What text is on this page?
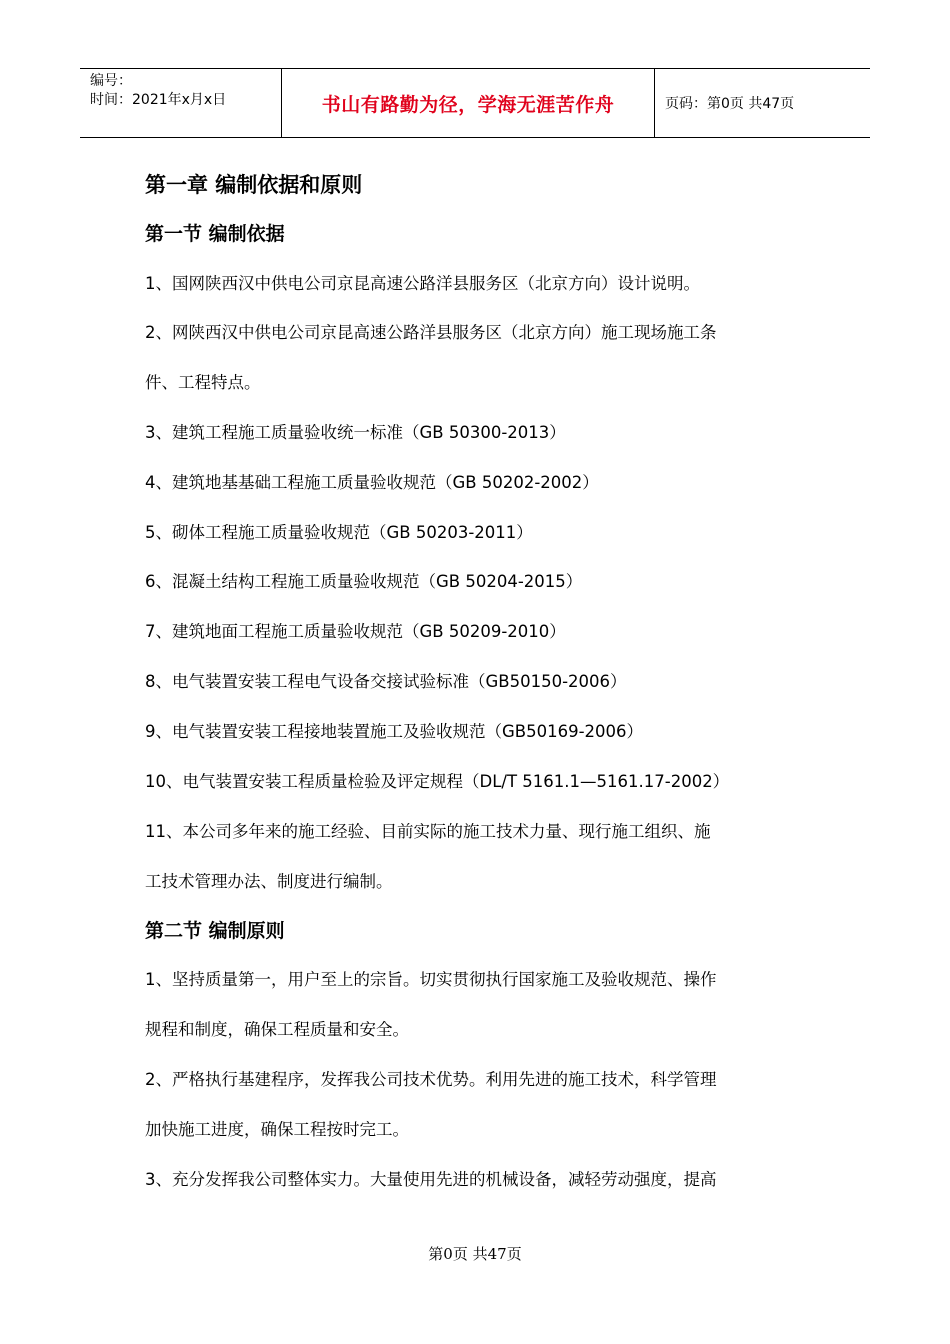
编号：
时间：2021年x月x日	书山有路勤为径，学海无涯苦作舟	页码：第0页 共47页
第一章 编制依据和原则
第一节 编制依据
1、国网陕西汉中供电公司京昆高速公路洋县服务区（北京方向）设计说明。
2、网陕西汉中供电公司京昆高速公路洋县服务区（北京方向）施工现场施工条
件、工程特点。
3、建筑工程施工质量验收统一标准（GB 50300-2013）
4、建筑地基基础工程施工质量验收规范（GB 50202-2002）
5、砌体工程施工质量验收规范（GB 50203-2011）
6、混凝土结构工程施工质量验收规范（GB 50204-2015）
7、建筑地面工程施工质量验收规范（GB 50209-2010）
8、电气装置安装工程电气设备交接试验标准（GB50150-2006）
9、电气装置安装工程接地装置施工及验收规范（GB50169-2006）
10、电气装置安装工程质量检验及评定规程（DL/T 5161.1—5161.17-2002）
11、本公司多年来的施工经验、目前实际的施工技术力量、现行施工组织、施
工技术管理办法、制度进行编制。
第二节 编制原则
1、坚持质量第一，用户至上的宗旨。切实贯彻执行国家施工及验收规范、操作
规程和制度，确保工程质量和安全。
2、严格执行基建程序，发挥我公司技术优势。利用先进的施工技术，科学管理
加快施工进度，确保工程按时完工。
3、充分发挥我公司整体实力。大量使用先进的机械设备，减轻劳动强度，提高
第0页 共47页
